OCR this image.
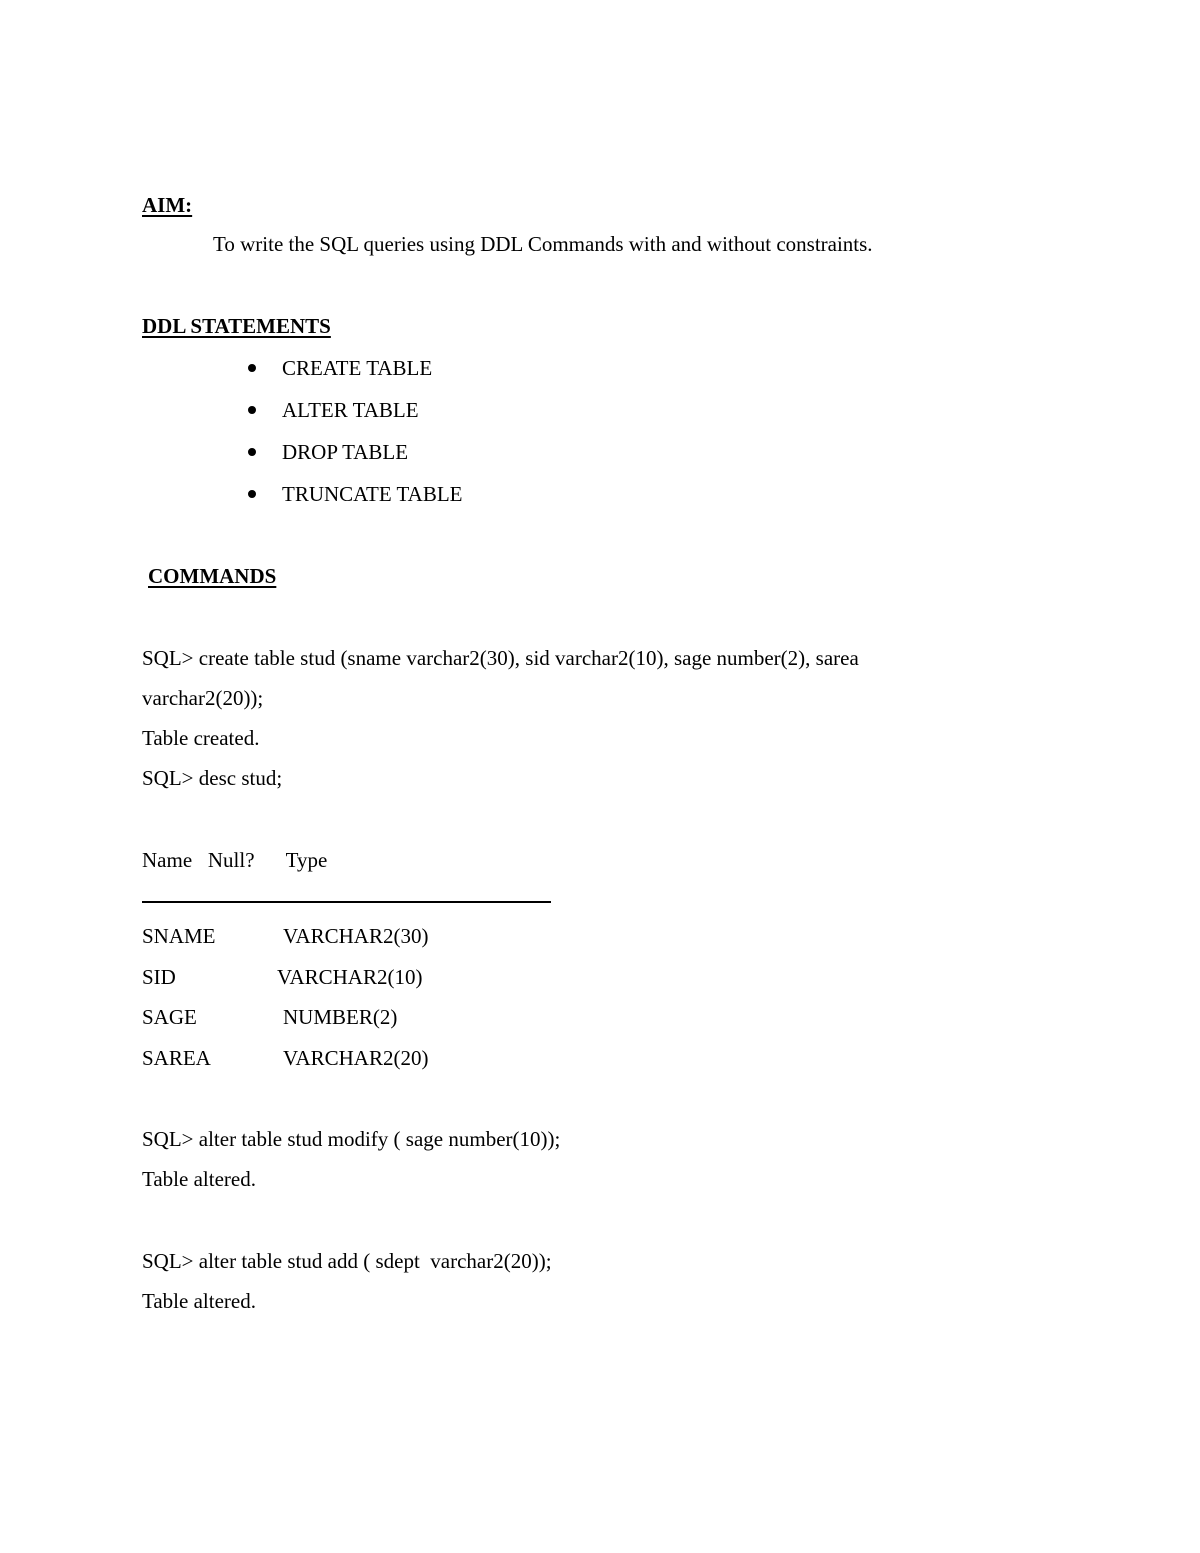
AIM:

To write the SQL queries using DDL Commands with and without constraints.

DDL STATEMENTS

CREATE TABLE
ALTER TABLE
DROP TABLE
TRUNCATE TABLE

COMMANDS

SQL> create table stud (sname varchar2(30), sid varchar2(10), sage number(2), sarea

varchar2(20));

Table created.

SQL> desc stud;

Name   Null?      Type

SNAME	VARCHAR2(30)
SID	VARCHAR2(10)
SAGE	NUMBER(2)
SAREA	VARCHAR2(20)

SQL> alter table stud modify ( sage number(10));

Table altered.

SQL> alter table stud add ( sdept  varchar2(20));

Table altered.
